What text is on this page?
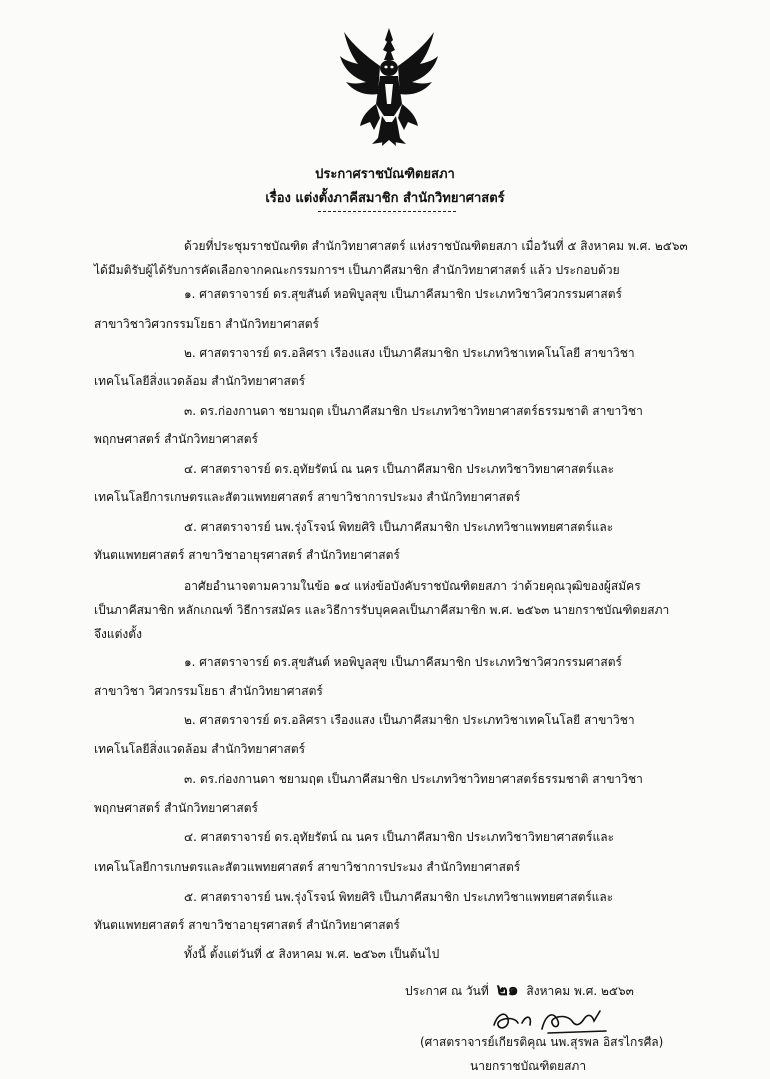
ประกาศราชบัณฑิตยสภา
เรื่อง แต่งตั้งภาคีสมาชิก สำนักวิทยาศาสตร์
ด้วยที่ประชุมราชบัณฑิต สำนักวิทยาศาสตร์ แห่งราชบัณฑิตยสภา เมื่อวันที่ ๕ สิงหาคม พ.ศ. ๒๕๖๓
ได้มีมติรับผู้ได้รับการคัดเลือกจากคณะกรรมการฯ เป็นภาคีสมาชิก สำนักวิทยาศาสตร์ แล้ว ประกอบด้วย
๑. ศาสตราจารย์ ดร.สุขสันต์ หอพิบูลสุข เป็นภาคีสมาชิก ประเภทวิชาวิศวกรรมศาสตร์
สาขาวิชาวิศวกรรมโยธา สำนักวิทยาศาสตร์
๒. ศาสตราจารย์ ดร.อลิศรา เรืองแสง เป็นภาคีสมาชิก ประเภทวิชาเทคโนโลยี สาขาวิชา
เทคโนโลยีสิ่งแวดล้อม สำนักวิทยาศาสตร์
๓. ดร.ก่องกานดา ชยามฤต เป็นภาคีสมาชิก ประเภทวิชาวิทยาศาสตร์ธรรมชาติ สาขาวิชา
พฤกษศาสตร์ สำนักวิทยาศาสตร์
๔. ศาสตราจารย์ ดร.อุทัยรัตน์ ณ นคร เป็นภาคีสมาชิก ประเภทวิชาวิทยาศาสตร์และ
เทคโนโลยีการเกษตรและสัตวแพทยศาสตร์ สาขาวิชาการประมง สำนักวิทยาศาสตร์
๕. ศาสตราจารย์ นพ.รุ่งโรจน์ พิทยศิริ เป็นภาคีสมาชิก ประเภทวิชาแพทยศาสตร์และ
ทันตแพทยศาสตร์ สาขาวิชาอายุรศาสตร์ สำนักวิทยาศาสตร์
อาศัยอำนาจตามความในข้อ ๑๔ แห่งข้อบังคับราชบัณฑิตยสภา ว่าด้วยคุณวุฒิของผู้สมัคร
เป็นภาคีสมาชิก หลักเกณฑ์ วิธีการสมัคร และวิธีการรับบุคคลเป็นภาคีสมาชิก พ.ศ. ๒๕๖๓ นายกราชบัณฑิตยสภา
จึงแต่งตั้ง
๑. ศาสตราจารย์ ดร.สุขสันต์ หอพิบูลสุข เป็นภาคีสมาชิก ประเภทวิชาวิศวกรรมศาสตร์
สาขาวิชา วิศวกรรมโยธา สำนักวิทยาศาสตร์
๒. ศาสตราจารย์ ดร.อลิศรา เรืองแสง เป็นภาคีสมาชิก ประเภทวิชาเทคโนโลยี สาขาวิชา
เทคโนโลยีสิ่งแวดล้อม สำนักวิทยาศาสตร์
๓. ดร.ก่องกานดา ชยามฤต เป็นภาคีสมาชิก ประเภทวิชาวิทยาศาสตร์ธรรมชาติ สาขาวิชา
พฤกษศาสตร์ สำนักวิทยาศาสตร์
๔. ศาสตราจารย์ ดร.อุทัยรัตน์ ณ นคร เป็นภาคีสมาชิก ประเภทวิชาวิทยาศาสตร์และ
เทคโนโลยีการเกษตรและสัตวแพทยศาสตร์ สาขาวิชาการประมง สำนักวิทยาศาสตร์
๕. ศาสตราจารย์ นพ.รุ่งโรจน์ พิทยศิริ เป็นภาคีสมาชิก ประเภทวิชาแพทยศาสตร์และ
ทันตแพทยศาสตร์ สาขาวิชาอายุรศาสตร์ สำนักวิทยาศาสตร์
ทั้งนี้ ตั้งแต่วันที่ ๕ สิงหาคม พ.ศ. ๒๕๖๓ เป็นต้นไป
ประกาศ ณ วันที่ ๒๑ สิงหาคม พ.ศ. ๒๕๖๓
(ศาสตราจารย์เกียรติคุณ นพ.สุรพล อิสรไกรศีล)
นายกราชบัณฑิตยสภา
